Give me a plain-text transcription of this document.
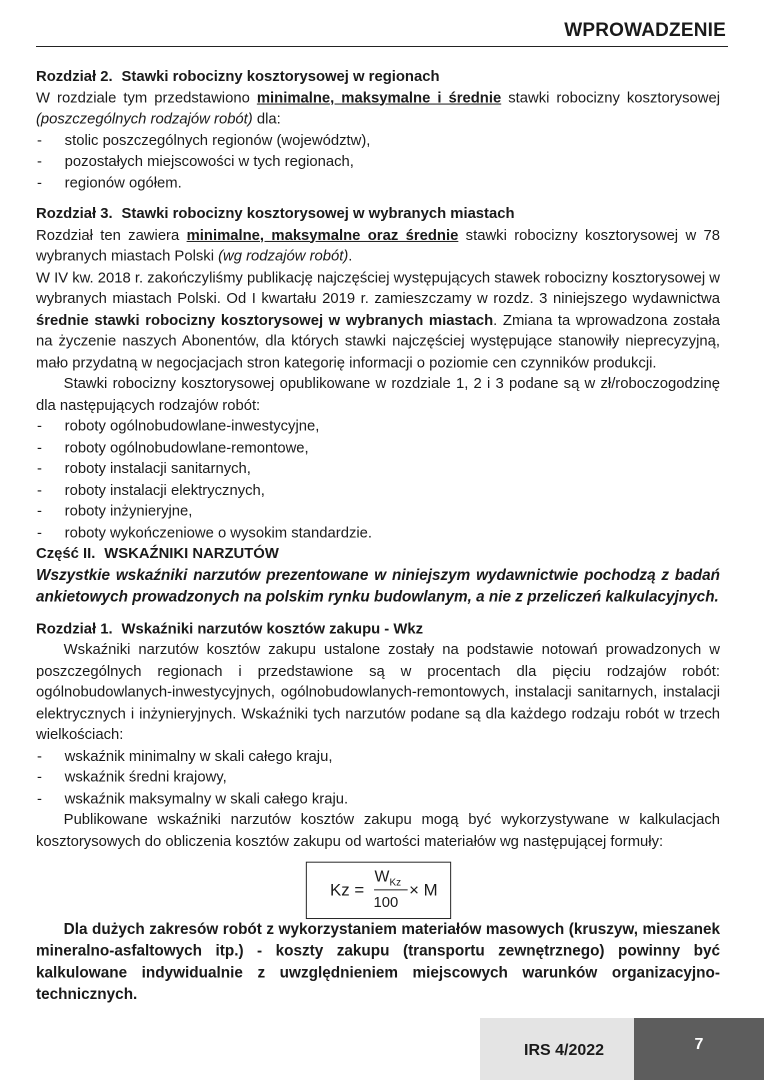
WPROWADZENIE

Rozdział 2. Stawki robocizny kosztorysowej w regionach

W rozdziale tym przedstawiono minimalne, maksymalne i średnie stawki robocizny kosztorysowej (poszczególnych rodzajów robót) dla:

- stolic poszczególnych regionów (województw),
- pozostałych miejscowości w tych regionach,
- regionów ogółem.

Rozdział 3. Stawki robocizny kosztorysowej w wybranych miastach

Rozdział ten zawiera minimalne, maksymalne oraz średnie stawki robocizny kosztorysowej w 78 wybranych miastach Polski (wg rodzajów robót).

W IV kw. 2018 r. zakończyliśmy publikację najczęściej występujących stawek robocizny kosztorysowej w wybranych miastach Polski. Od I kwartału 2019 r. zamieszczamy w rozdz. 3 niniejszego wydawnictwa średnie stawki robocizny kosztorysowej w wybranych miastach. Zmiana ta wprowadzona została na życzenie naszych Abonentów, dla których stawki najczęściej występujące stanowiły nieprecyzyjną, mało przydatną w negocjacjach stron kategorię informacji o poziomie cen czynników produkcji.

Stawki robocizny kosztorysowej opublikowane w rozdziale 1, 2 i 3 podane są w zł/roboczogodzinę dla następujących rodzajów robót:

- roboty ogólnobudowlane-inwestycyjne,
- roboty ogólnobudowlane-remontowe,
- roboty instalacji sanitarnych,
- roboty instalacji elektrycznych,
- roboty inżynieryjne,
- roboty wykończeniowe o wysokim standardzie.

Część II. WSKAŹNIKI NARZUTÓW

Wszystkie wskaźniki narzutów prezentowane w niniejszym wydawnictwie pochodzą z badań ankietowych prowadzonych na polskim rynku budowlanym, a nie z przeliczeń kalkulacyjnych.

Rozdział 1. Wskaźniki narzutów kosztów zakupu - Wkz

Wskaźniki narzutów kosztów zakupu ustalone zostały na podstawie notowań prowadzonych w poszczególnych regionach i przedstawione są w procentach dla pięciu rodzajów robót: ogólnobudowlanych-inwestycyjnych, ogólnobudowlanych-remontowych, instalacji sanitarnych, instalacji elektrycznych i inżynieryjnych. Wskaźniki tych narzutów podane są dla każdego rodzaju robót w trzech wielkościach:

- wskaźnik minimalny w skali całego kraju,
- wskaźnik średni krajowy,
- wskaźnik maksymalny w skali całego kraju.

Publikowane wskaźniki narzutów kosztów zakupu mogą być wykorzystywane w kalkulacjach kosztorysowych do obliczenia kosztów zakupu od wartości materiałów wg następującej formuły:

Kz =
$W_{Kz}$
100
× M

Dla dużych zakresów robót z wykorzystaniem materiałów masowych (kruszyw, mieszanek mineralno-asfaltowych itp.) - koszty zakupu (transportu zewnętrznego) powinny być kalkulowane indywidualnie z uwzględnieniem miejscowych warunków organizacyjno-technicznych.

IRS 4/2022	7
